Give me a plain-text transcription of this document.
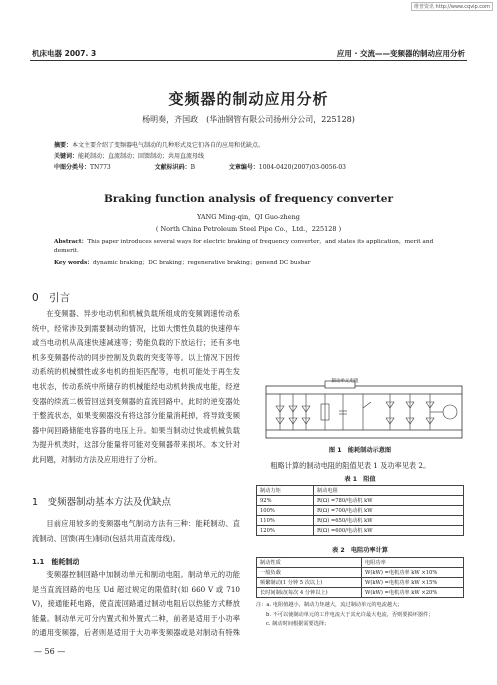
维普资讯 http://www.cqvip.com
机床电器 2007. 3	应用 · 交流——变频器的制动应用分析
变频器的制动应用分析
杨明奏，齐国政　(华油钢管有限公司扬州分公司，225128)
摘要：本文主要介绍了变频器电气制动的几种形式及它们各自的应用和优缺点。
关键词：能耗制动；直流制动；回馈制动；共用直流母线
中图分类号：TN773	文献标识码：B	文章编号：1004-0420(2007)03-0056-03
Braking function analysis of frequency converter
YANG Ming-qin，QI Guo-zheng
( North China Petroleum Steel Pipe Co.，Ltd.，225128 )
Abstract：This paper introduces several ways for electric braking of frequency converter，and states its application，merit and demerit.
Key words：dynamic braking；DC braking；regenerative braking；genend DC busbar
0　引言

在变频器、异步电动机和机械负载所组成的变频调速传动系统中，经常涉及到需要制动的情况，比如大惯性负载的快速停车或当电动机从高速快速减速等；势能负载的下放运行；还有多电机多变频器传动的同步控制及负载的突变等等。以上情况下因传动系统的机械惯性或多电机的扭矩匹配等，电机可能处于再生发电状态，传动系统中所储存的机械能经电动机转换成电能，经逆变器的续流二极管回送到变频器的直流回路中。此时的逆变器处于整流状态，如果变频器没有将这部分能量消耗掉，将导致变频器中间回路储能电容器的电压上升。如果当制动过快或机械负载为提升机类时，这部分能量将可能对变频器带来损坏。本文针对此问题，对制动方法及应用进行了分析。

1　变频器制动基本方法及优缺点

目前应用较多的变频器电气制动方法有三种：能耗制动、直流制动、回馈(再生)制动(包括共用直流母线)。

1.1　能耗制动

变频器控制回路中加制动单元和制动电阻。制动单元的功能是当直流回路的电压 Ud 超过规定的限值时(如 660 V 或 710 V)，接通能耗电路，使直流回路通过制动电阻后以热能方式释放能量。制动单元可分内置式和外置式二种，前者是适用于小功率的通用变频器，后者则是适用于大功率变频器或是对制动有特殊

制动单元电阻
图 1　能耗制动示意图

粗略计算的制动电阻的阻值见表 1 及功率见表 2。

表 1　阻值
制动力矩	制动电阻
92%	R(Ω) =780/电动机 kW
100%	R(Ω) =700/电动机 kW
110%	R(Ω) =650/电动机 kW
120%	R(Ω) =600/电动机 kW
表 2　电阻功率计算
制动性质	电阻功率
一般负载	W(kW) =电机功率 kW ×10%
频繁制动(1 分钟 5 次以上)	W(kW) =电机功率 kW ×15%
长时间制动(每次 4 分钟以上)	W(kW) =电机功率 kW ×20%
注：a. 电阻值越小，制动力矩越大，流过制动单元的电流越大；
b. 不可以使制动单元的工作电流大于其允许最大电流，否则要损坏器件；
c. 制动时间根据需要选择；
— 56 —
